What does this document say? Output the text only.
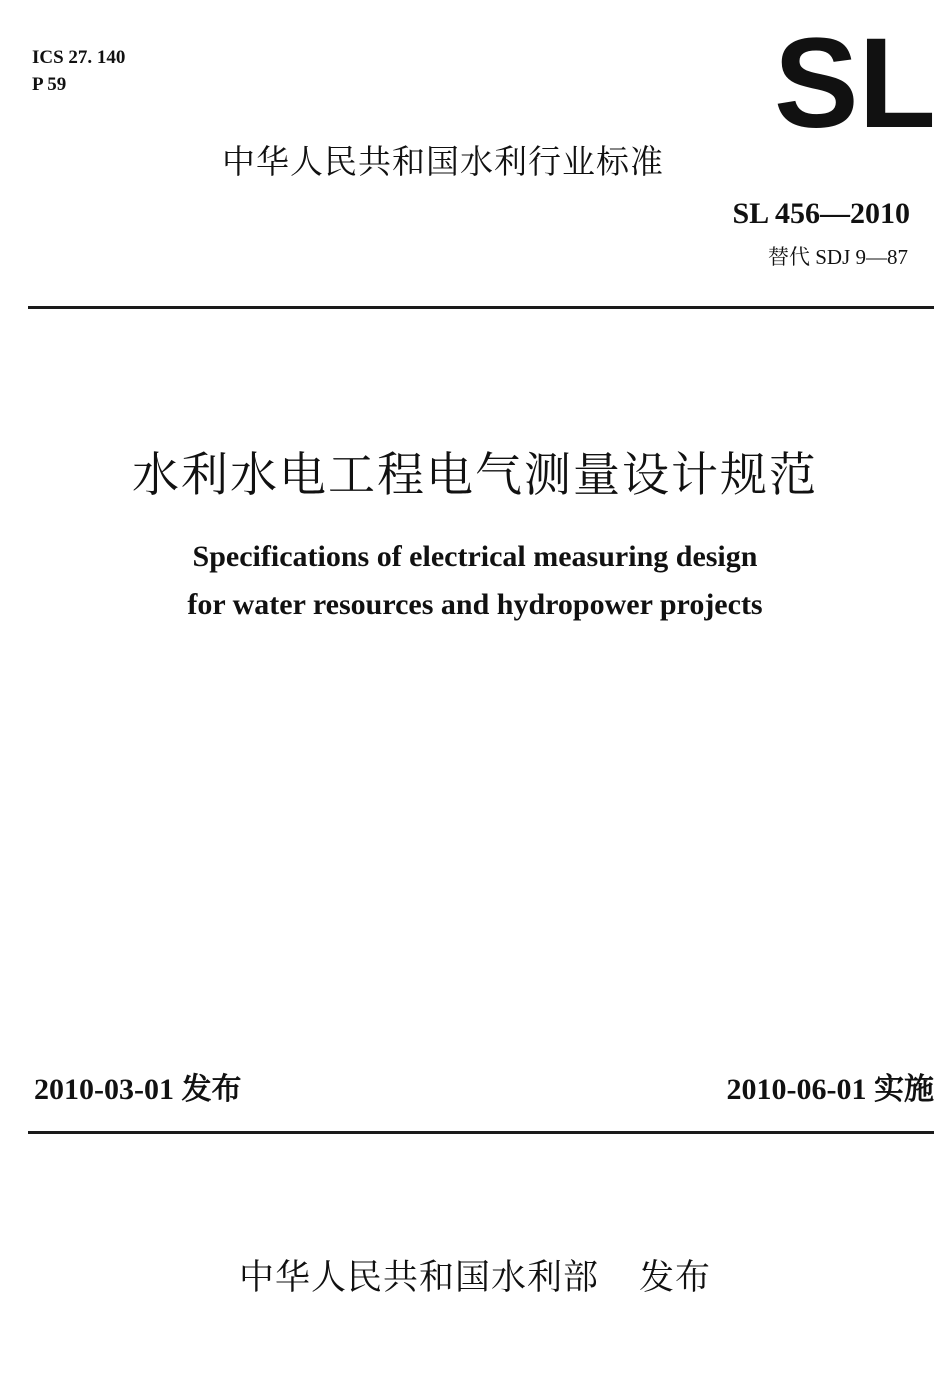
ICS 27. 140
P 59	SL
中华人民共和国水利行业标准
SL 456—2010
替代 SDJ 9—87
水利水电工程电气测量设计规范
Specifications of electrical measuring design
for water resources and hydropower projects
2010-03-01 发布	2010-06-01 实施
中华人民共和国水利部 发布
